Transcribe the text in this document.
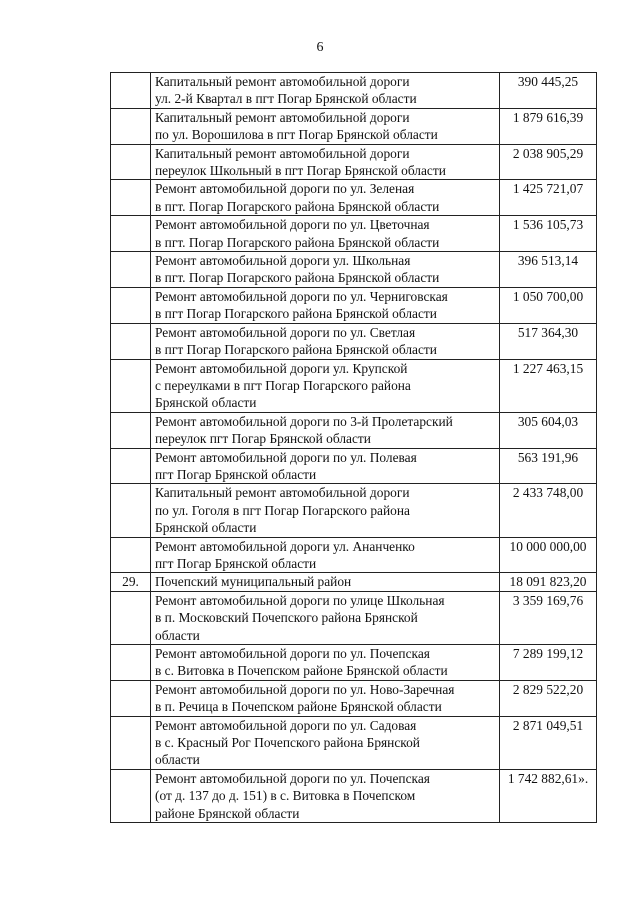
6

	Капитальный ремонт автомобильной дороги
ул. 2-й Квартал в пгт Погар Брянской области	390 445,25

	Капитальный ремонт автомобильной дороги
по ул. Ворошилова в пгт Погар Брянской области	1 879 616,39

	Капитальный ремонт автомобильной дороги
переулок Школьный в пгт Погар Брянской области	2 038 905,29

	Ремонт автомобильной дороги по ул. Зеленая
в пгт. Погар Погарского района Брянской области	1 425 721,07

	Ремонт автомобильной дороги по ул. Цветочная
в пгт. Погар Погарского района Брянской области	1 536 105,73

	Ремонт автомобильной дороги ул. Школьная
в пгт. Погар Погарского района Брянской области	396 513,14

	Ремонт автомобильной дороги по ул. Черниговская
в пгт Погар Погарского района Брянской области	1 050 700,00

	Ремонт автомобильной дороги по ул. Светлая
в пгт Погар Погарского района Брянской области	517 364,30

	Ремонт автомобильной дороги ул. Крупской
с переулками в пгт Погар Погарского района
Брянской области	1 227 463,15

	Ремонт автомобильной дороги по 3-й Пролетарский
переулок пгт Погар Брянской области	305 604,03

	Ремонт автомобильной дороги по ул. Полевая
пгт Погар Брянской области	563 191,96

	Капитальный ремонт автомобильной дороги
по ул. Гоголя в пгт Погар Погарского района
Брянской области	2 433 748,00

	Ремонт автомобильной дороги ул. Ананченко
пгт Погар Брянской области	10 000 000,00
29.	Почепский муниципальный район	18 091 823,20

	Ремонт автомобильной дороги по улице Школьная
в п. Московский Почепского района Брянской
области	3 359 169,76

	Ремонт автомобильной дороги по ул. Почепская
в с. Витовка в Почепском районе Брянской области	7 289 199,12

	Ремонт автомобильной дороги по ул. Ново-Заречная
в п. Речица в Почепском районе Брянской области	2 829 522,20

	Ремонт автомобильной дороги по ул. Садовая
в с. Красный Рог Почепского района Брянской
области	2 871 049,51

	Ремонт автомобильной дороги по ул. Почепская
(от д. 137 до д. 151) в с. Витовка в Почепском
районе Брянской области	1 742 882,61».
